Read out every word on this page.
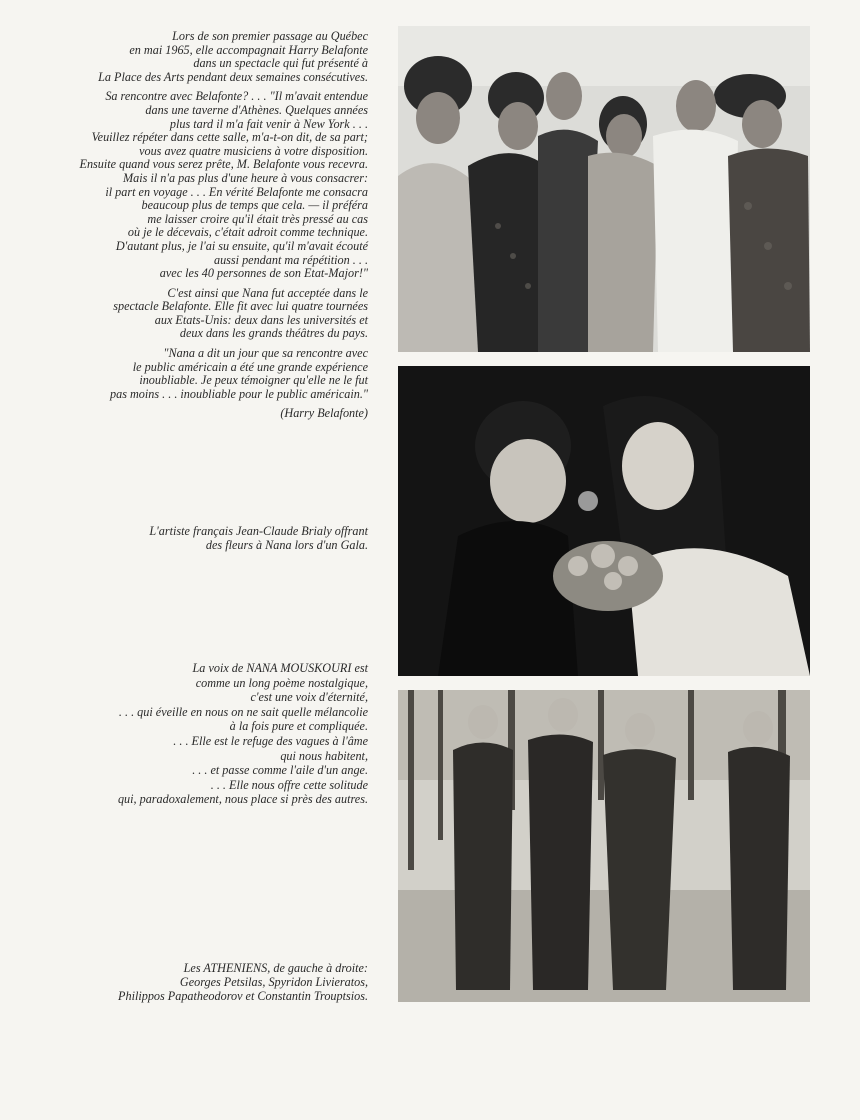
Lors de son premier passage au Québec
en mai 1965, elle accompagnait Harry Belafonte
dans un spectacle qui fut présenté à
La Place des Arts pendant deux semaines consécutives.

Sa rencontre avec Belafonte? . . . "Il m'avait entendue
dans une taverne d'Athènes. Quelques années
plus tard il m'a fait venir à New York . . .
Veuillez répéter dans cette salle, m'a-t-on dit, de sa part;
vous avez quatre musiciens à votre disposition.
Ensuite quand vous serez prête, M. Belafonte vous recevra.
Mais il n'a pas plus d'une heure à vous consacrer:
il part en voyage . . . En vérité Belafonte me consacra
beaucoup plus de temps que cela. — il préféra
me laisser croire qu'il était très pressé au cas
où je le décevais, c'était adroit comme technique.
D'autant plus, je l'ai su ensuite, qu'il m'avait écouté
aussi pendant ma répétition . . .
avec les 40 personnes de son Etat-Major!"

C'est ainsi que Nana fut acceptée dans le
spectacle Belafonte. Elle fit avec lui quatre tournées
aux Etats-Unis: deux dans les universités et
deux dans les grands théâtres du pays.

"Nana a dit un jour que sa rencontre avec
le public américain a été une grande expérience
inoubliable. Je peux témoigner qu'elle ne le fut
pas moins . . . inoubliable pour le public américain."
(Harry Belafonte)

L'artiste français Jean-Claude Brialy offrant
des fleurs à Nana lors d'un Gala.
La voix de NANA MOUSKOURI est
comme un long poème nostalgique,
c'est une voix d'éternité,
. . . qui éveille en nous on ne sait quelle mélancolie
à la fois pure et compliquée.
. . . Elle est le refuge des vagues à l'âme
qui nous habitent,
. . . et passe comme l'aile d'un ange.
. . . Elle nous offre cette solitude
qui, paradoxalement, nous place si près des autres.
Les ATHENIENS, de gauche à droite:
Georges Petsilas, Spyridon Livieratos,
Philippos Papatheodorov et Constantin Trouptsios.
